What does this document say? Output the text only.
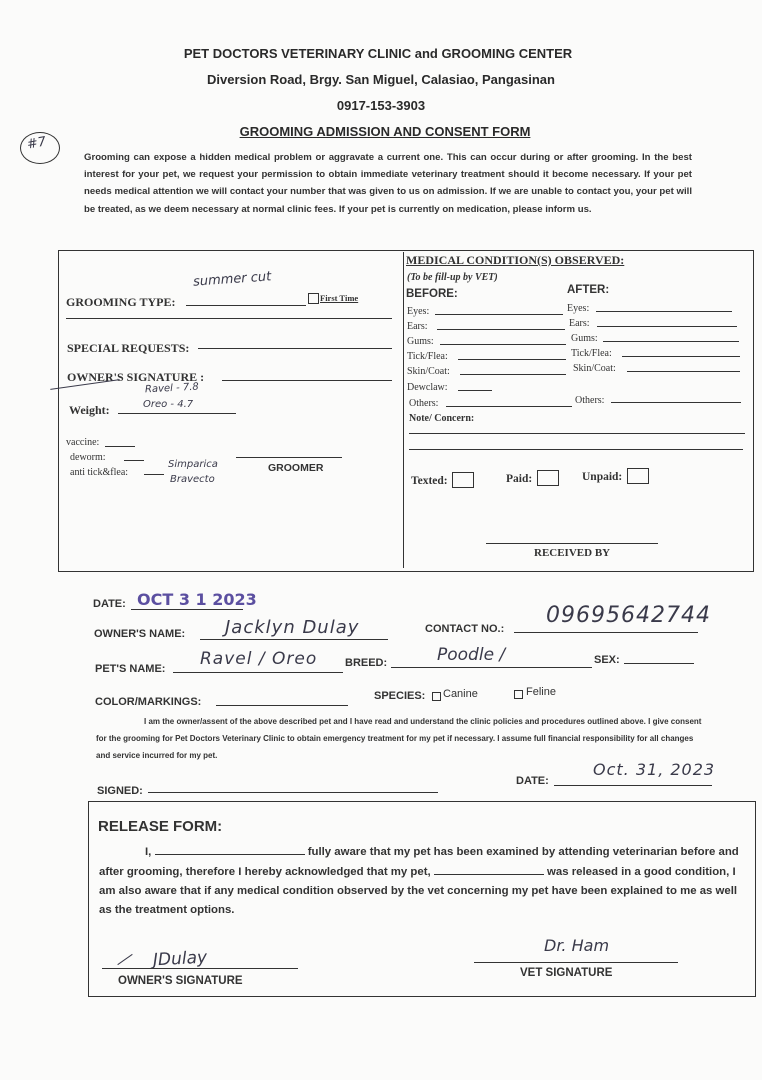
#7
PET DOCTORS VETERINARY CLINIC and GROOMING CENTER
Diversion Road, Brgy. San Miguel, Calasiao, Pangasinan
0917-153-3903
GROOMING ADMISSION AND CONSENT FORM
Grooming can expose a hidden medical problem or aggravate a current one. This can occur during or after grooming. In the best interest for your pet, we request your permission to obtain immediate veterinary treatment should it become necessary. If your pet needs medical attention we will contact your number that was given to us on admission. If we are unable to contact you, your pet will be treated, as we deem necessary at normal clinic fees. If your pet is currently on medication, please inform us.
summer cut
GROOMING TYPE:	First Time
SPECIAL REQUESTS:
OWNER'S SIGNATURE :
Ravel - 7.8
Weight:	Oreo - 4.7
vaccine:
deworm:
anti tick&flea:
Simparica
Bravecto
GROOMER
MEDICAL CONDITION(S) OBSERVED:
(To be fill-up by VET)
BEFORE:	AFTER:
Eyes:
Ears:
Gums:
Tick/Flea:
Skin/Coat:
Dewclaw:
Others:
Eyes:
Ears:
Gums:
Tick/Flea:
Skin/Coat:
Others:
Note/ Concern:
Texted:	Paid:	Unpaid:
RECEIVED BY
DATE: OCT 3 1 2023
OWNER'S NAME: Jacklyn Dulay	CONTACT NO.:
09695642744
PET'S NAME: Ravel / Oreo	BREED:	Poodle /	SEX:
COLOR/MARKINGS:	SPECIES: Canine	Feline
I am the owner/assent of the above described pet and I have read and understand the clinic policies and procedures outlined above. I give consent for the grooming for Pet Doctors Veterinary Clinic to obtain emergency treatment for my pet if necessary. I assume full financial responsibility for all changes and service incurred for my pet.
SIGNED:
DATE:
Oct. 31, 2023
RELEASE FORM:
I,	fully aware that my pet has been examined by attending veterinarian before and after grooming, therefore I hereby acknowledged that my pet,	was released in a good condition, I am also aware that if any medical condition observed by the vet concerning my pet have been explained to me as well as the treatment options.
JDulay
OWNER'S SIGNATURE
Dr. Ham
VET SIGNATURE
